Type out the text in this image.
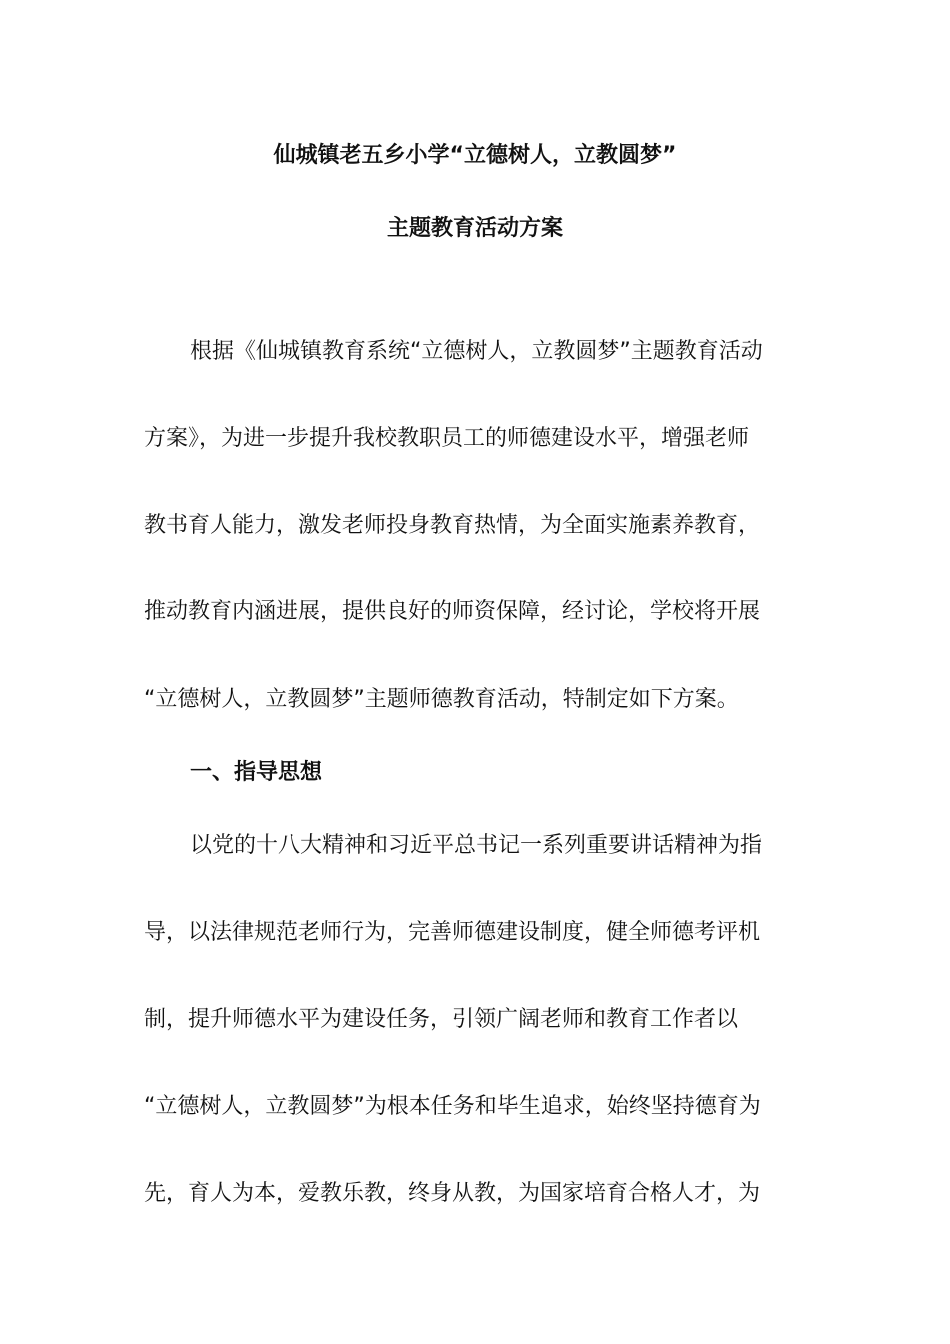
仙城镇老五乡小学“立德树人，立教圆梦”
主题教育活动方案
根据《仙城镇教育系统“立德树人，立教圆梦”主题教育活动
方案》，为进一步提升我校教职员工的师德建设水平，增强老师
教书育人能力，激发老师投身教育热情，为全面实施素养教育，
推动教育内涵进展，提供良好的师资保障，经讨论，学校将开展
“立德树人，立教圆梦”主题师德教育活动，特制定如下方案。
一、指导思想
以党的十八大精神和习近平总书记一系列重要讲话精神为指
导，以法律规范老师行为，完善师德建设制度，健全师德考评机
制，提升师德水平为建设任务，引领广阔老师和教育工作者以
“立德树人，立教圆梦”为根本任务和毕生追求，始终坚持德育为
先，育人为本，爱教乐教，终身从教，为国家培育合格人才，为
